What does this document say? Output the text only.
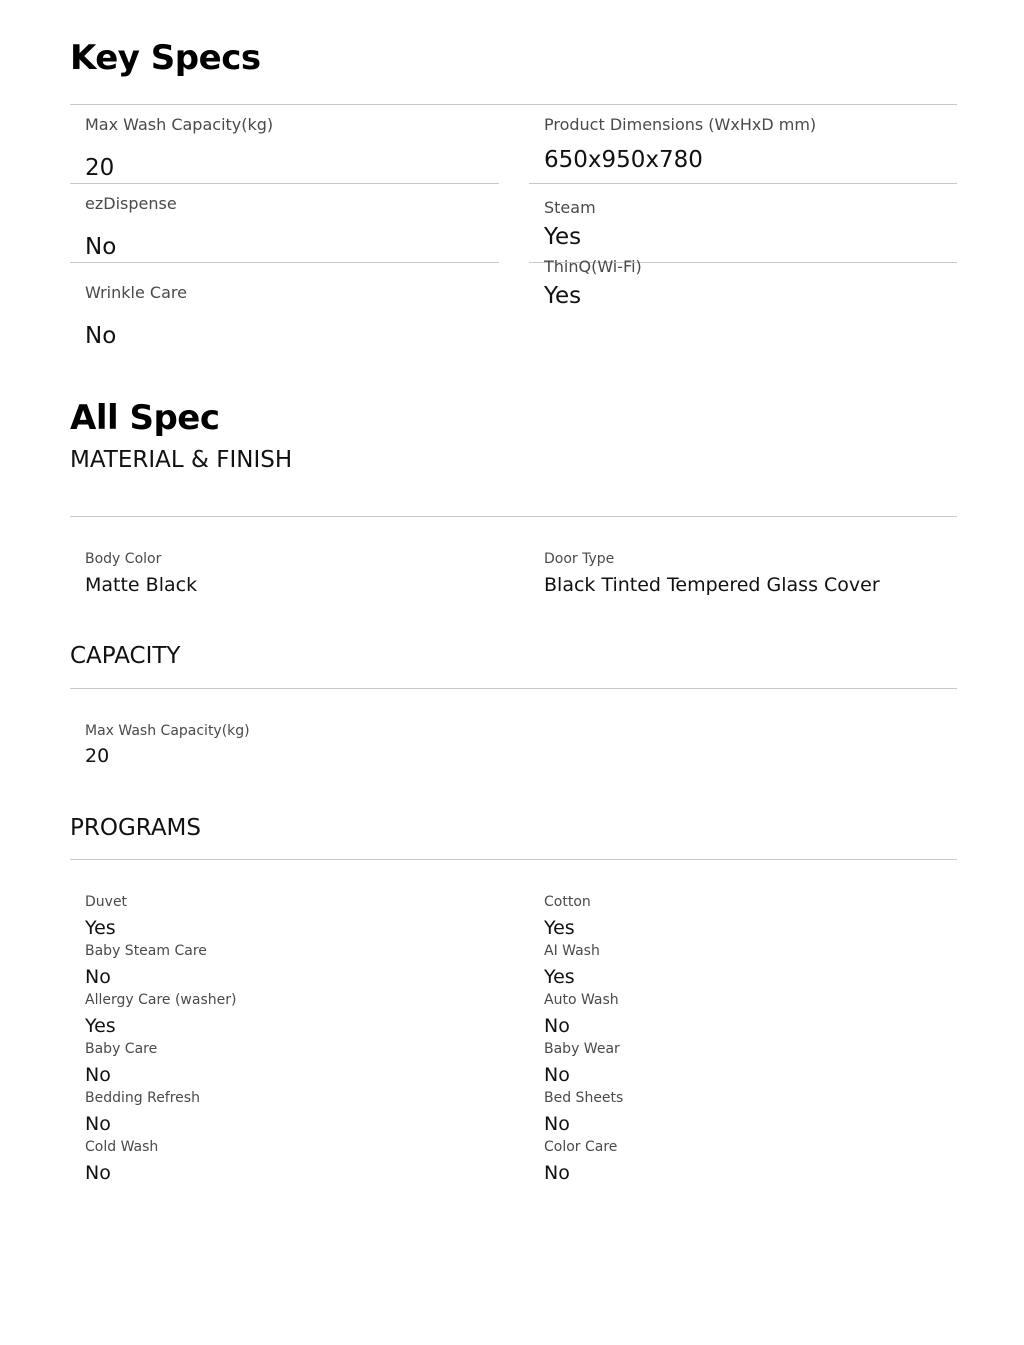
Key Specs
Max Wash Capacity(kg)
20
ezDispense
No
Wrinkle Care
No
Product Dimensions (WxHxD mm)
650x950x780
Steam
Yes
ThinQ(Wi-Fi)
Yes
All Spec
MATERIAL & FINISH
Body Color
Matte Black
Door Type
Black Tinted Tempered Glass Cover
CAPACITY
Max Wash Capacity(kg)
20
PROGRAMS
Duvet
Yes
Baby Steam Care
No
Allergy Care (washer)
Yes
Baby Care
No
Bedding Refresh
No
Cold Wash
No
Cotton
Yes
AI Wash
Yes
Auto Wash
No
Baby Wear
No
Bed Sheets
No
Color Care
No
